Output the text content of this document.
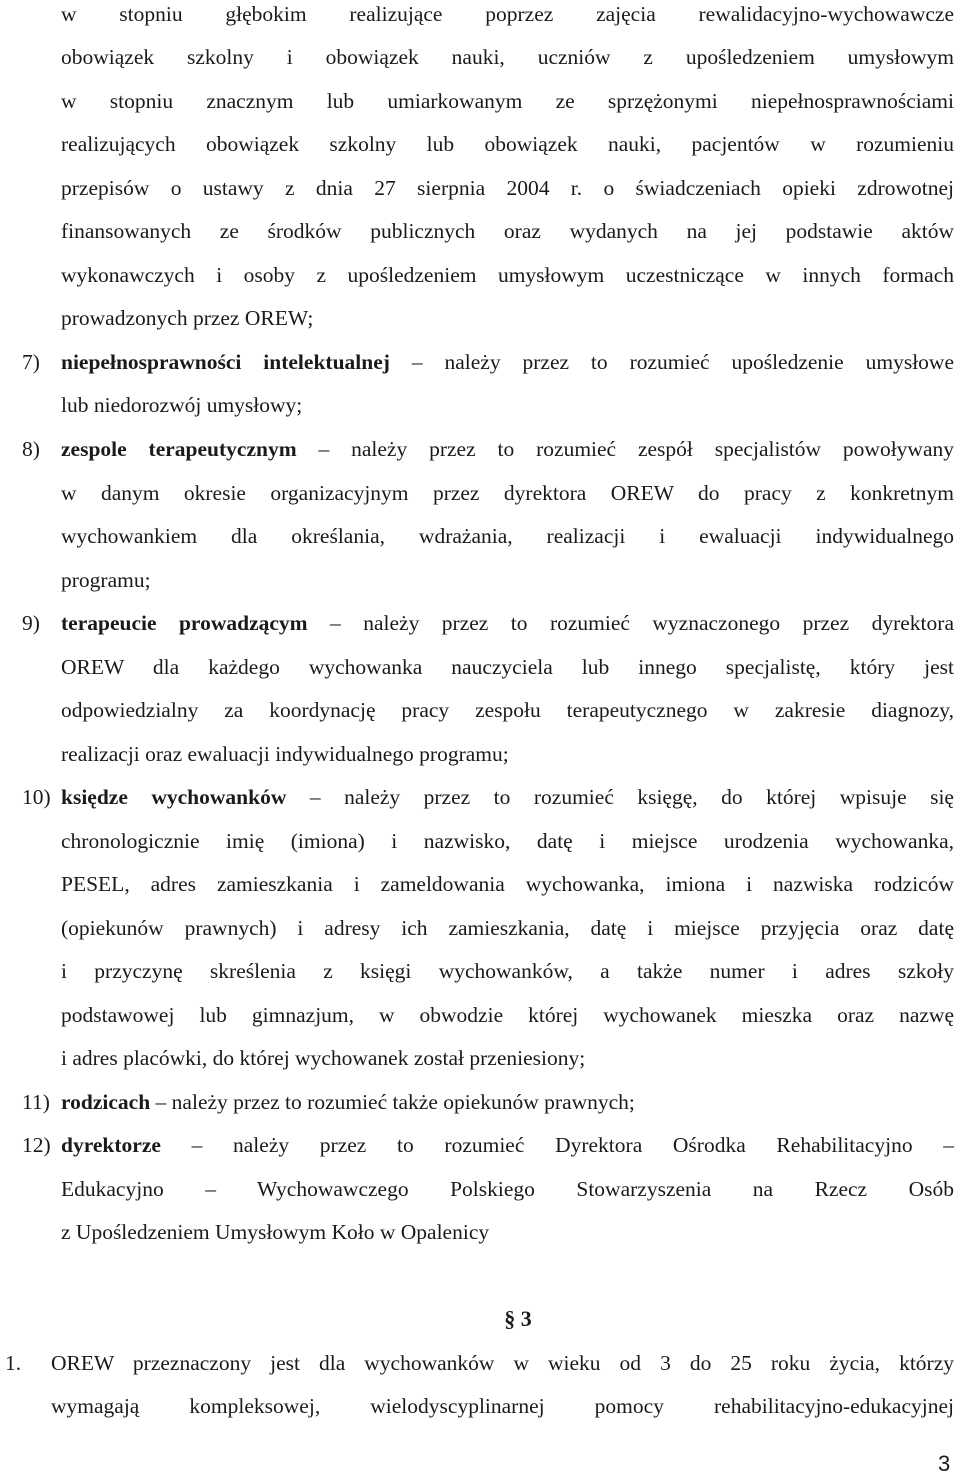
w stopniu głębokim realizujące poprzez zajęcia rewalidacyjno-wychowawcze
obowiązek szkolny i obowiązek nauki, uczniów z upośledzeniem umysłowym
w stopniu znacznym lub umiarkowanym ze sprzężonymi niepełnosprawnościami
realizujących obowiązek szkolny lub obowiązek nauki, pacjentów w rozumieniu
przepisów o ustawy z dnia 27 sierpnia 2004 r. o świadczeniach opieki zdrowotnej
finansowanych ze środków publicznych oraz wydanych na jej podstawie aktów
wykonawczych i osoby z upośledzeniem umysłowym uczestniczące w innych formach
prowadzonych przez OREW;
7) niepełnosprawności intelektualnej – należy przez to rozumieć upośledzenie umysłowe
lub niedorozwój umysłowy;
8) zespole terapeutycznym – należy przez to rozumieć zespół specjalistów powoływany
w danym okresie organizacyjnym przez dyrektora OREW do pracy z konkretnym
wychowankiem dla określania, wdrażania, realizacji i ewaluacji indywidualnego
programu;
9) terapeucie prowadzącym – należy przez to rozumieć wyznaczonego przez dyrektora
OREW dla każdego wychowanka nauczyciela lub innego specjalistę, który jest
odpowiedzialny za koordynację pracy zespołu terapeutycznego w zakresie diagnozy,
realizacji oraz ewaluacji indywidualnego programu;
10) księdze wychowanków – należy przez to rozumieć księgę, do której wpisuje się
chronologicznie imię (imiona) i nazwisko, datę i miejsce urodzenia wychowanka,
PESEL, adres zamieszkania i zameldowania wychowanka, imiona i nazwiska rodziców
(opiekunów prawnych) i adresy ich zamieszkania, datę i miejsce przyjęcia oraz datę
i przyczynę skreślenia z księgi wychowanków, a także numer i adres szkoły
podstawowej lub gimnazjum, w obwodzie której wychowanek mieszka oraz nazwę
i adres placówki, do której wychowanek został przeniesiony;
11) rodzicach – należy przez to rozumieć także opiekunów prawnych;
12) dyrektorze – należy przez to rozumieć Dyrektora Ośrodka Rehabilitacyjno –
Edukacyjno – Wychowawczego Polskiego Stowarzyszenia na Rzecz Osób
z Upośledzeniem Umysłowym Koło w Opalenicy
§ 3
1. OREW przeznaczony jest dla wychowanków w wieku od 3 do 25 roku życia, którzy
wymagają kompleksowej, wielodyscyplinarnej pomocy rehabilitacyjno-edukacyjnej
3
